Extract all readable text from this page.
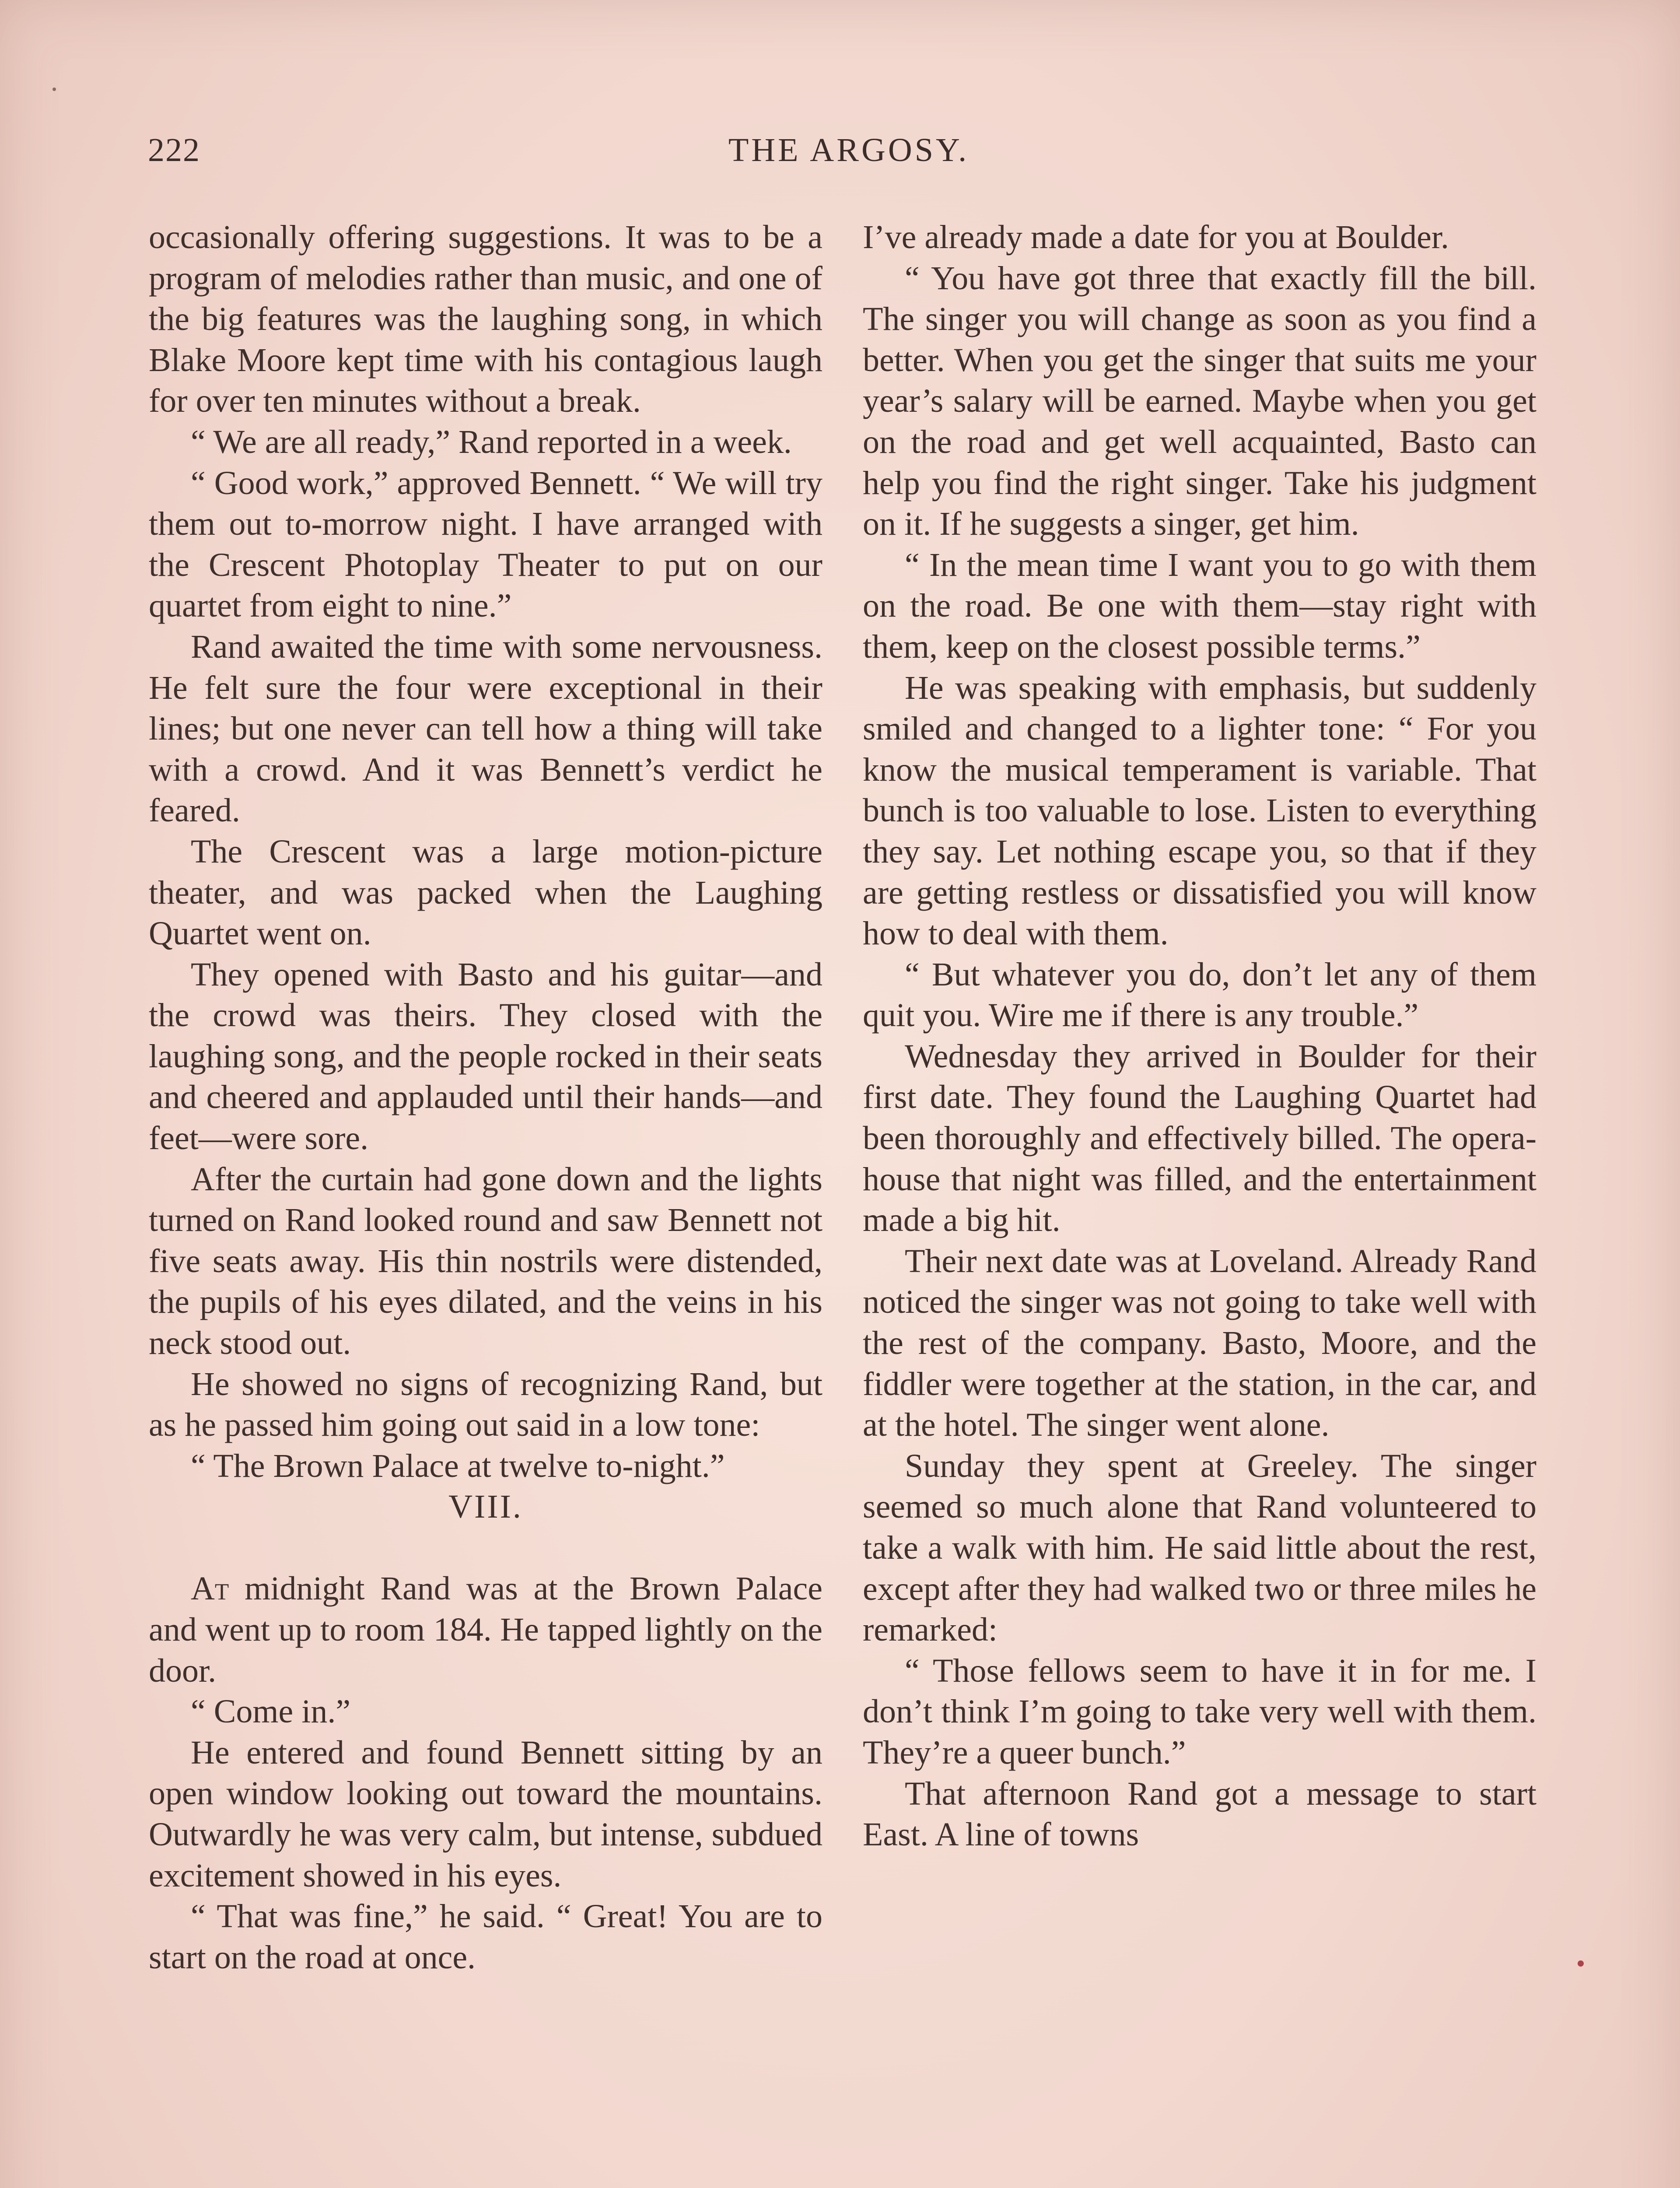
222	THE ARGOSY.

occasionally offering suggestions. It was to be a program of melodies rather than music, and one of the big features was the laughing song, in which Blake Moore kept time with his contagious laugh for over ten minutes without a break.

“ We are all ready,” Rand reported in a week.

“ Good work,” approved Bennett. “ We will try them out to-morrow night. I have arranged with the Crescent Photoplay Theater to put on our quartet from eight to nine.”

Rand awaited the time with some nervousness. He felt sure the four were exceptional in their lines; but one never can tell how a thing will take with a crowd. And it was Bennett’s verdict he feared.

The Crescent was a large motion-picture theater, and was packed when the Laughing Quartet went on.

They opened with Basto and his guitar—and the crowd was theirs. They closed with the laughing song, and the people rocked in their seats and cheered and applauded until their hands—and feet—were sore.

After the curtain had gone down and the lights turned on Rand looked round and saw Bennett not five seats away. His thin nostrils were distended, the pupils of his eyes dilated, and the veins in his neck stood out.

He showed no signs of recognizing Rand, but as he passed him going out said in a low tone:

“ The Brown Palace at twelve to-night.”

VIII.

At midnight Rand was at the Brown Palace and went up to room 184. He tapped lightly on the door.

“ Come in.”

He entered and found Bennett sitting by an open window looking out toward the mountains. Outwardly he was very calm, but intense, subdued excitement showed in his eyes.

“ That was fine,” he said. “ Great! You are to start on the road at once.

I’ve already made a date for you at Boulder.

“ You have got three that exactly fill the bill. The singer you will change as soon as you find a better. When you get the singer that suits me your year’s salary will be earned. Maybe when you get on the road and get well acquainted, Basto can help you find the right singer. Take his judgment on it. If he suggests a singer, get him.

“ In the mean time I want you to go with them on the road. Be one with them—stay right with them, keep on the closest possible terms.”

He was speaking with emphasis, but suddenly smiled and changed to a lighter tone: “ For you know the musical temperament is variable. That bunch is too valuable to lose. Listen to everything they say. Let nothing escape you, so that if they are getting restless or dissatisfied you will know how to deal with them.

“ But whatever you do, don’t let any of them quit you. Wire me if there is any trouble.”

Wednesday they arrived in Boulder for their first date. They found the Laughing Quartet had been thoroughly and effectively billed. The opera-house that night was filled, and the entertainment made a big hit.

Their next date was at Loveland. Already Rand noticed the singer was not going to take well with the rest of the company. Basto, Moore, and the fiddler were together at the station, in the car, and at the hotel. The singer went alone.

Sunday they spent at Greeley. The singer seemed so much alone that Rand volunteered to take a walk with him. He said little about the rest, except after they had walked two or three miles he remarked:

“ Those fellows seem to have it in for me. I don’t think I’m going to take very well with them. They’re a queer bunch.”

That afternoon Rand got a message to start East. A line of towns
